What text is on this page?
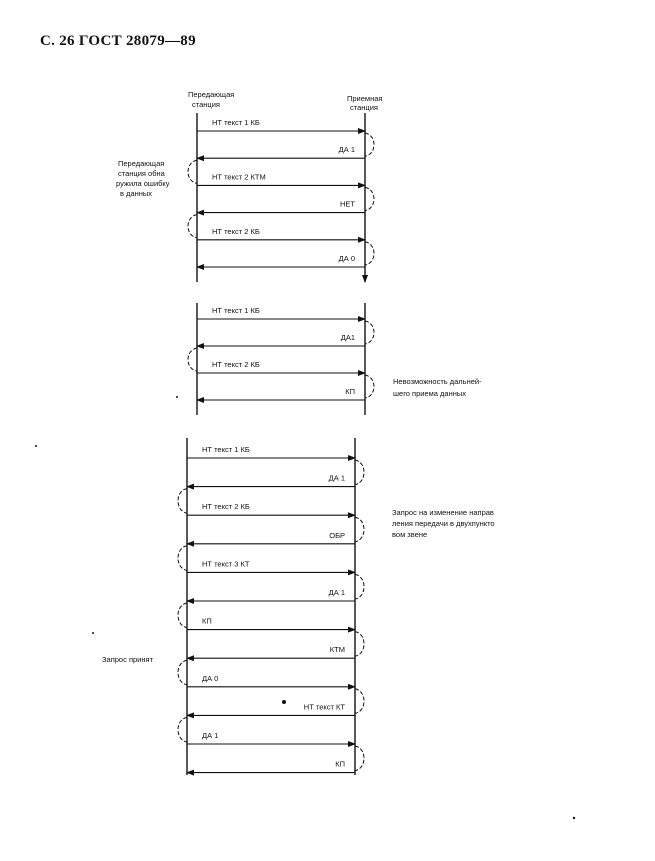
С. 26 ГОСТ 28079—89
Передающая
станция
Приемная
станция
Передающая
станция обна
ружила ошибку
в данных
НТ текст 1 КБ
ДА 1
НТ текст 2 КТМ
НЕТ
НТ текст 2 КБ
ДА 0
Невозможность дальней-
шего приема данных
НТ текст 1 КБ
ДА1
НТ текст 2 КБ
КП
Запрос на изменение направ
ления передачи в двухпункто
вом звене
Запрос принят
НТ текст 1 КБ
ДА 1
НТ текст 2 КБ
ОБР
НТ текст 3 КТ
ДА 1
КП
КТМ
ДА 0
НТ текст КТ
ДА 1
КП
